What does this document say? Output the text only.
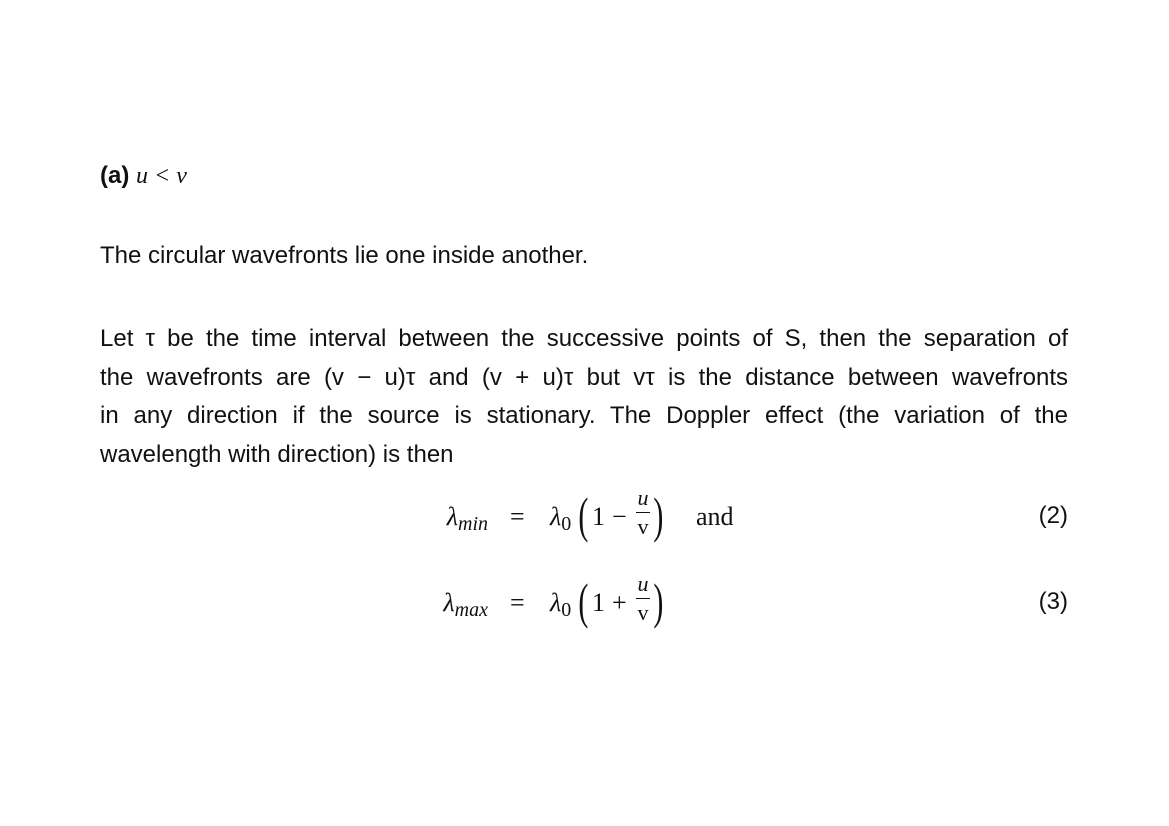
(a) u < v
The circular wavefronts lie one inside another.
Let τ be the time interval between the successive points of S, then the separation of
the wavefronts are (v − u)τ and (v + u)τ but vτ is the distance between wavefronts
in any direction if the source is stationary. The Doppler effect (the variation of the
wavelength with direction) is then
λmin = λ0 ( 1 −
u
v ) and	(2)
λmax = λ0 ( 1 +
u
v )	(3)
